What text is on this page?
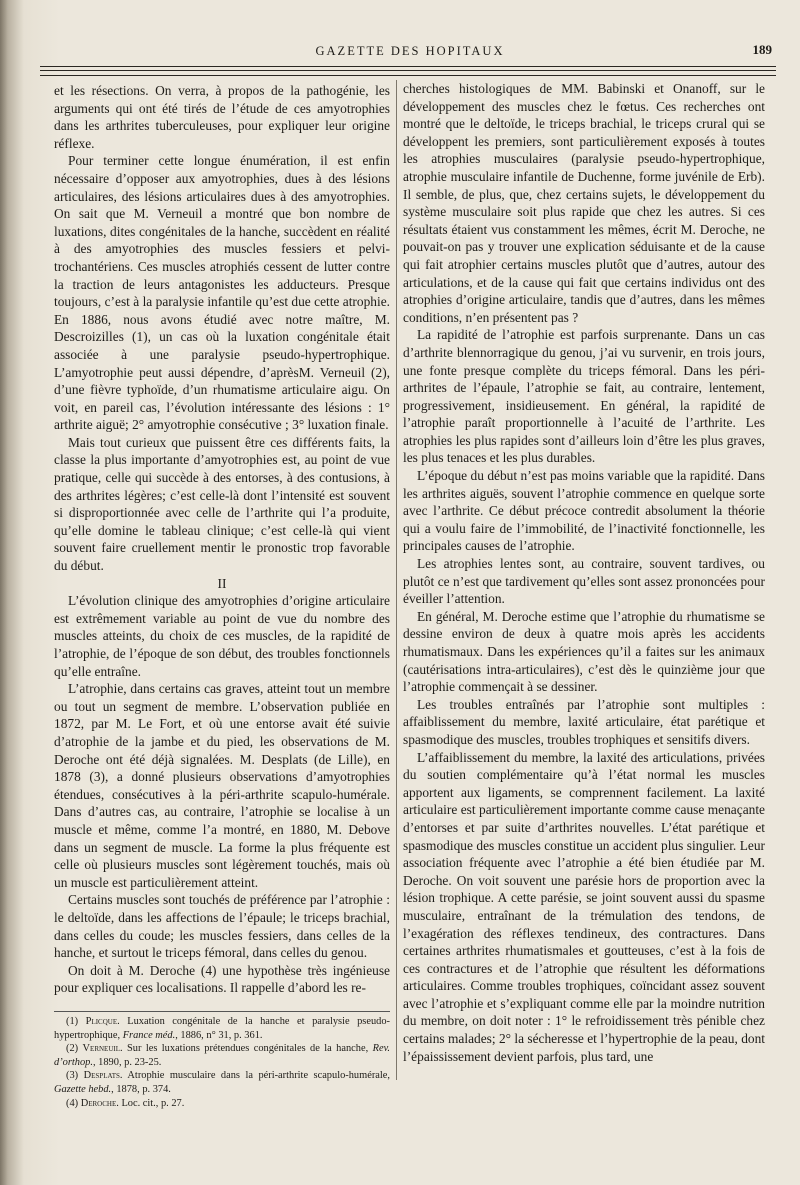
GAZETTE DES HOPITAUX	189

et les résections. On verra, à propos de la pathogénie, les arguments qui ont été tirés de l’étude de ces amyotrophies dans les arthrites tuberculeuses, pour expliquer leur origine réflexe.

Pour terminer cette longue énumération, il est enfin nécessaire d’opposer aux amyotrophies, dues à des lésions articulaires, des lésions articulaires dues à des amyotrophies. On sait que M. Verneuil a montré que bon nombre de luxations, dites congénitales de la hanche, succèdent en réalité à des amyotrophies des muscles fessiers et pelvi-trochantériens. Ces muscles atrophiés cessent de lutter contre la traction de leurs antagonistes les adducteurs. Presque toujours, c’est à la paralysie infantile qu’est due cette atrophie. En 1886, nous avons étudié avec notre maître, M. Descroizilles (1), un cas où la luxation congénitale était associée à une paralysie pseudo-hypertrophique. L’amyotrophie peut aussi dépendre, d’aprèsM. Verneuil (2), d’une fièvre typhoïde, d’un rhumatisme articulaire aigu. On voit, en pareil cas, l’évolution intéressante des lésions : 1° arthrite aiguë; 2° amyotrophie consécutive ; 3° luxation finale.

Mais tout curieux que puissent être ces différents faits, la classe la plus importante d’amyotrophies est, au point de vue pratique, celle qui succède à des entorses, à des contusions, à des arthrites légères; c’est celle-là dont l’intensité est souvent si disproportionnée avec celle de l’arthrite qui l’a produite, qu’elle domine le tableau clinique; c’est celle-là qui vient souvent faire cruellement mentir le pronostic trop favorable du début.

II

L’évolution clinique des amyotrophies d’origine articulaire est extrêmement variable au point de vue du nombre des muscles atteints, du choix de ces muscles, de la rapidité de l’atrophie, de l’époque de son début, des troubles fonctionnels qu’elle entraîne.

L’atrophie, dans certains cas graves, atteint tout un membre ou tout un segment de membre. L’observation publiée en 1872, par M. Le Fort, et où une entorse avait été suivie d’atrophie de la jambe et du pied, les observations de M. Deroche ont été déjà signalées. M. Desplats (de Lille), en 1878 (3), a donné plusieurs observations d’amyotrophies étendues, consécutives à la péri-arthrite scapulo-humérale. Dans d’autres cas, au contraire, l’atrophie se localise à un muscle et même, comme l’a montré, en 1880, M. Debove dans un segment de muscle. La forme la plus fréquente est celle où plusieurs muscles sont légèrement touchés, mais où un muscle est particulièrement atteint.

Certains muscles sont touchés de préférence par l’atrophie : le deltoïde, dans les affections de l’épaule; le triceps brachial, dans celles du coude; les muscles fessiers, dans celles de la hanche, et surtout le triceps fémoral, dans celles du genou.

On doit à M. Deroche (4) une hypothèse très ingénieuse pour expliquer ces localisations. Il rappelle d’abord les re-

(1) Plicque. Luxation congénitale de la hanche et paralysie pseudo-hypertrophique, France méd., 1886, n° 31, p. 361.

(2) Verneuil. Sur les luxations prétendues congénitales de la hanche, Rev. d’orthop., 1890, p. 23-25.

(3) Desplats. Atrophie musculaire dans la péri-arthrite scapulo-humérale, Gazette hebd., 1878, p. 374.

(4) Deroche. Loc. cit., p. 27.

cherches histologiques de MM. Babinski et Onanoff, sur le développement des muscles chez le fœtus. Ces recherches ont montré que le deltoïde, le triceps brachial, le triceps crural qui se développent les premiers, sont particulièrement exposés à toutes les atrophies musculaires (paralysie pseudo-hypertrophique, atrophie musculaire infantile de Duchenne, forme juvénile de Erb). Il semble, de plus, que, chez certains sujets, le développement du système musculaire soit plus rapide que chez les autres. Si ces résultats étaient vus constamment les mêmes, écrit M. Deroche, ne pouvait-on pas y trouver une explication séduisante et de la cause qui fait atrophier certains muscles plutôt que d’autres, autour des articulations, et de la cause qui fait que certains individus ont des atrophies d’origine articulaire, tandis que d’autres, dans les mêmes conditions, n’en présentent pas ?

La rapidité de l’atrophie est parfois surprenante. Dans un cas d’arthrite blennorragique du genou, j’ai vu survenir, en trois jours, une fonte presque complète du triceps fémoral. Dans les péri-arthrites de l’épaule, l’atrophie se fait, au contraire, lentement, progressivement, insidieusement. En général, la rapidité de l’atrophie paraît proportionnelle à l’acuité de l’arthrite. Les atrophies les plus rapides sont d’ailleurs loin d’être les plus graves, les plus tenaces et les plus durables.

L’époque du début n’est pas moins variable que la rapidité. Dans les arthrites aiguës, souvent l’atrophie commence en quelque sorte avec l’arthrite. Ce début précoce contredit absolument la théorie qui a voulu faire de l’immobilité, de l’inactivité fonctionnelle, les principales causes de l’atrophie.

Les atrophies lentes sont, au contraire, souvent tardives, ou plutôt ce n’est que tardivement qu’elles sont assez prononcées pour éveiller l’attention.

En général, M. Deroche estime que l’atrophie du rhumatisme se dessine environ de deux à quatre mois après les accidents rhumatismaux. Dans les expériences qu’il a faites sur les animaux (cautérisations intra-articulaires), c’est dès le quinzième jour que l’atrophie commençait à se dessiner.

Les troubles entraînés par l’atrophie sont multiples : affaiblissement du membre, laxité articulaire, état parétique et spasmodique des muscles, troubles trophiques et sensitifs divers.

L’affaiblissement du membre, la laxité des articulations, privées du soutien complémentaire qu’à l’état normal les muscles apportent aux ligaments, se comprennent facilement. La laxité articulaire est particulièrement importante comme cause menaçante d’entorses et par suite d’arthrites nouvelles. L’état parétique et spasmodique des muscles constitue un accident plus singulier. Leur association fréquente avec l’atrophie a été bien étudiée par M. Deroche. On voit souvent une parésie hors de proportion avec la lésion trophique. A cette parésie, se joint souvent aussi du spasme musculaire, entraînant de la trémulation des tendons, de l’exagération des réflexes tendineux, des contractures. Dans certaines arthrites rhumatismales et goutteuses, c’est à la fois de ces contractures et de l’atrophie que résultent les déformations articulaires. Comme troubles trophiques, coïncidant assez souvent avec l’atrophie et s’expliquant comme elle par la moindre nutrition du membre, on doit noter : 1° le refroidissement très pénible chez certains malades; 2° la sécheresse et l’hypertrophie de la peau, dont l’épaississement devient parfois, plus tard, une
